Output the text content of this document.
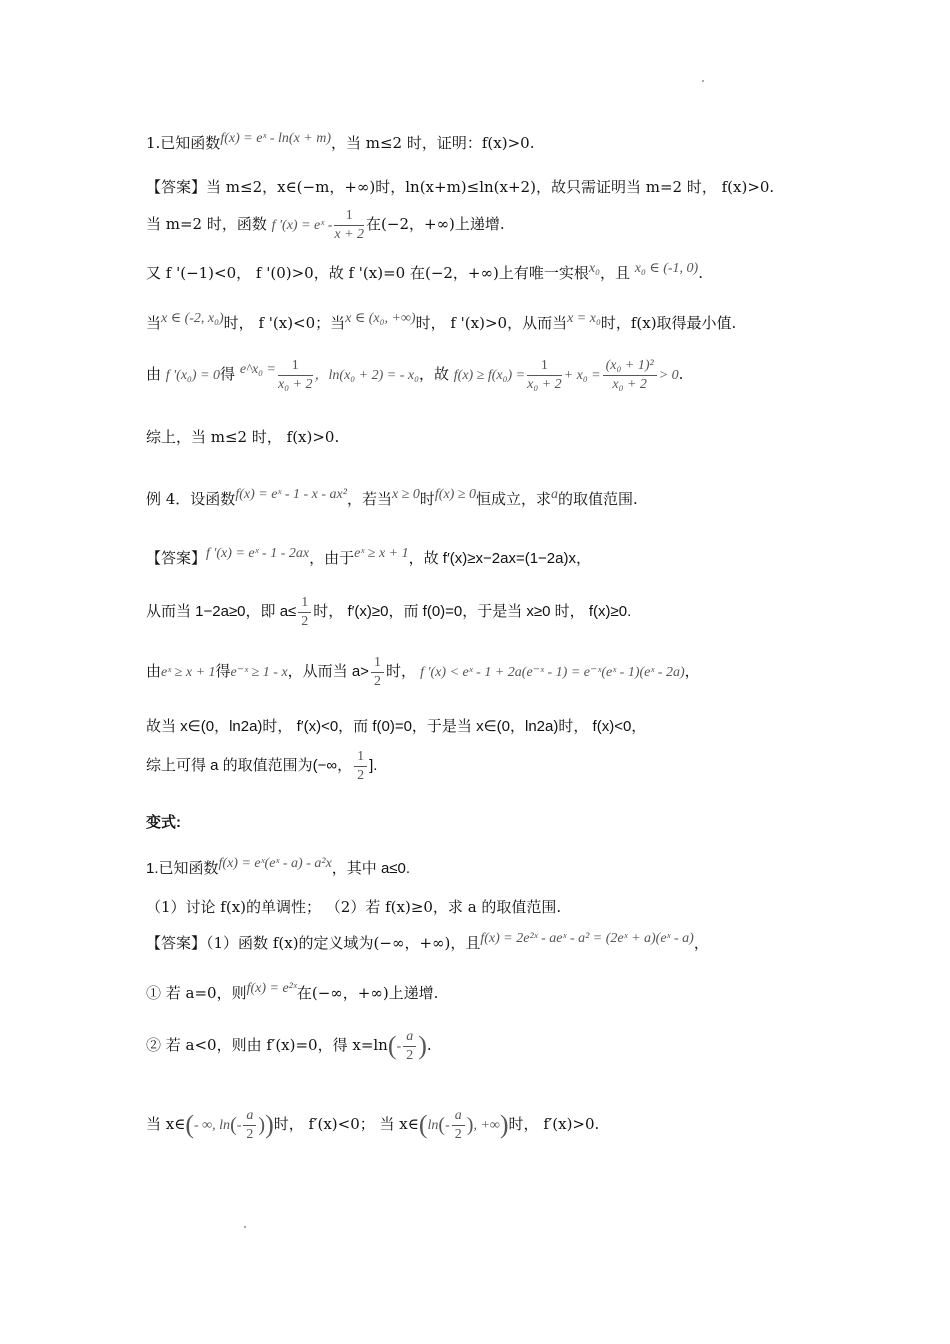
1.已知函数f(x) = eˣ - ln(x + m)，当 m≤2 时，证明：f(x)>0.
【答案】当 m≤2，x∈(−m，+∞)时，ln(x+m)≤ln(x+2)，故只需证明当 m=2 时， f(x)>0.
当 m=2 时，函数 f '(x) = eˣ - $\frac{1}{x + 2}$ 在(−2，+∞)上递增.
又 f '(−1)<0， f '(0)>0，故 f '(x)=0 在(−2，+∞)上有唯一实根x₀，且 x₀ ∈ (-1, 0).
当x ∈ (-2, x₀)时， f '(x)<0；当x ∈ (x₀, +∞)时， f '(x)>0，从而当x = x₀时，f(x)取得最小值.
由 f '(x₀) = 0得 e^x₀ = $\frac{1}{\text{x₀ + 2}}$ ，ln(x₀ + 2) = - x₀，故 $f(x) \ge f(x_0) = \frac{1}{\text{x₀ + 2}} + x_0 = \frac{\text{(x₀ + 1)²}}{\text{x₀ + 2}} > 0$.
综上，当 m≤2 时， f(x)>0.
例 4．设函数f(x) = eˣ - 1 - x - ax²，若当x ≥ 0时f(x) ≥ 0恒成立，求a的取值范围.
【答案】f '(x) = eˣ - 1 - 2ax，由于eˣ ≥ x + 1，故 f′(x)≥x−2ax=(1−2a)x，
从而当 1−2a≥0，即 $a\le \frac{1}{2}$ 时， f′(x)≥0，而 f(0)=0，于是当 x≥0 时， f(x)≥0.
由eˣ ≥ x + 1得e⁻ˣ ≥ 1 - x，从而当 $a> \frac{1}{2}$ 时， f '(x) < eˣ - 1 + 2a(e⁻ˣ - 1) = e⁻ˣ(eˣ - 1)(eˣ - 2a)，
故当 x∈(0，ln2a)时， f′(x)<0，而 f(0)=0，于是当 x∈(0，ln2a)时， f(x)<0，
综上可得 a 的取值范围为(−∞， $\frac{1}{2}$ ].
变式:
1.已知函数f(x) = eˣ(eˣ - a) - a²x，其中 a≤0.
（1）讨论 f(x)的单调性； （2）若 f(x)≥0，求 a 的取值范围.
【答案】（1）函数 f(x)的定义域为(−∞，+∞)，且f(x) = 2e²ˣ - aeˣ - a² = (2eˣ + a)(eˣ - a)，
① 若 a=0，则f(x) = e²ˣ在(−∞，+∞)上递增.
② 若 a<0，则由 f′(x)=0，得 $x=\ln(- \frac{a}{2}$ ).
当 x∈(- ∞, $\ln(- \frac{a}{2}$ ))时， f′(x)<0； 当 x∈(ln(- $\frac{a}{2}$ ), +∞)时， f′(x)>0.
